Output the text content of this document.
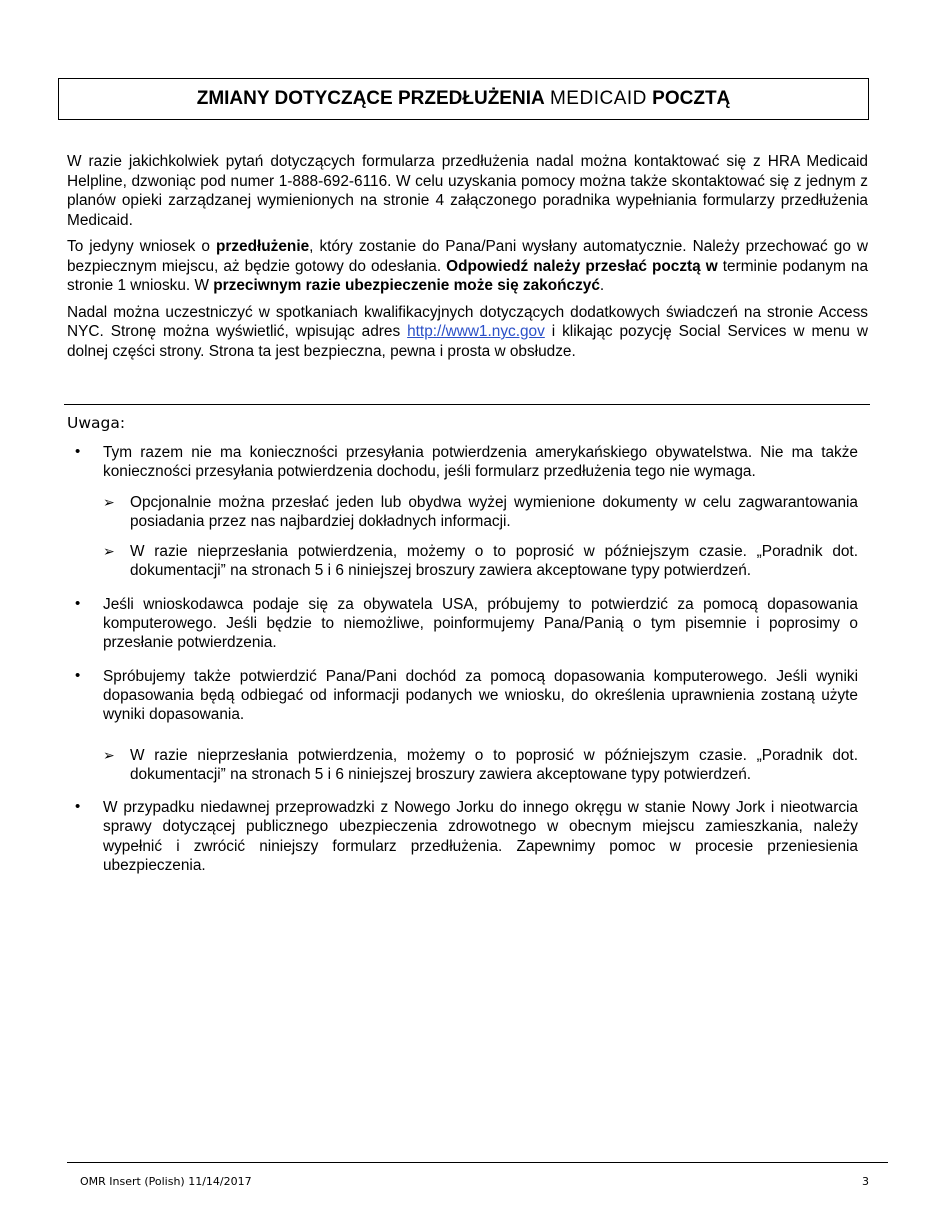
ZMIANY DOTYCZĄCE PRZEDŁUŻENIA
MEDICAID
POCZTĄ

W razie jakichkolwiek pytań dotyczących formularza przedłużenia nadal można kontaktować się z HRA Medicaid Helpline, dzwoniąc pod numer 1-888-692-6116. W celu uzyskania pomocy można także skontaktować się z jednym z planów opieki zarządzanej wymienionych na stronie 4 załączonego poradnika wypełniania formularzy przedłużenia Medicaid.

To jedyny wniosek o przedłużenie, który zostanie do Pana/Pani wysłany automatycznie. Należy przechować go w bezpiecznym miejscu, aż będzie gotowy do odesłania. Odpowiedź należy przesłać pocztą w terminie podanym na stronie 1 wniosku. W przeciwnym razie ubezpieczenie może się zakończyć.

Nadal można uczestniczyć w spotkaniach kwalifikacyjnych dotyczących dodatkowych świadczeń na stronie Access NYC. Stronę można wyświetlić, wpisując adres http://www1.nyc.gov i klikając pozycję Social Services w menu w dolnej części strony. Strona ta jest bezpieczna, pewna i prosta w obsłudze.

Uwaga:
• Tym razem nie ma konieczności przesyłania potwierdzenia amerykańskiego obywatelstwa. Nie ma także konieczności przesyłania potwierdzenia dochodu, jeśli formularz przedłużenia tego nie wymaga.
➢ Opcjonalnie można przesłać jeden lub obydwa wyżej wymienione dokumenty w celu zagwarantowania posiadania przez nas najbardziej dokładnych informacji.
➢ W razie nieprzesłania potwierdzenia, możemy o to poprosić w późniejszym czasie. „Poradnik dot. dokumentacji” na stronach 5 i 6 niniejszej broszury zawiera akceptowane typy potwierdzeń.
• Jeśli wnioskodawca podaje się za obywatela USA, próbujemy to potwierdzić za pomocą dopasowania komputerowego. Jeśli będzie to niemożliwe, poinformujemy Pana/Panią o tym pisemnie i poprosimy o przesłanie potwierdzenia.
• Spróbujemy także potwierdzić Pana/Pani dochód za pomocą dopasowania komputerowego. Jeśli wyniki dopasowania będą odbiegać od informacji podanych we wniosku, do określenia uprawnienia zostaną użyte wyniki dopasowania.
➢ W razie nieprzesłania potwierdzenia, możemy o to poprosić w późniejszym czasie. „Poradnik dot. dokumentacji” na stronach 5 i 6 niniejszej broszury zawiera akceptowane typy potwierdzeń.
• W przypadku niedawnej przeprowadzki z Nowego Jorku do innego okręgu w stanie Nowy Jork i nieotwarcia sprawy dotyczącej publicznego ubezpieczenia zdrowotnego w obecnym miejscu zamieszkania, należy wypełnić i zwrócić niniejszy formularz przedłużenia. Zapewnimy pomoc w procesie przeniesienia ubezpieczenia.
OMR Insert (Polish) 11/14/2017	3
